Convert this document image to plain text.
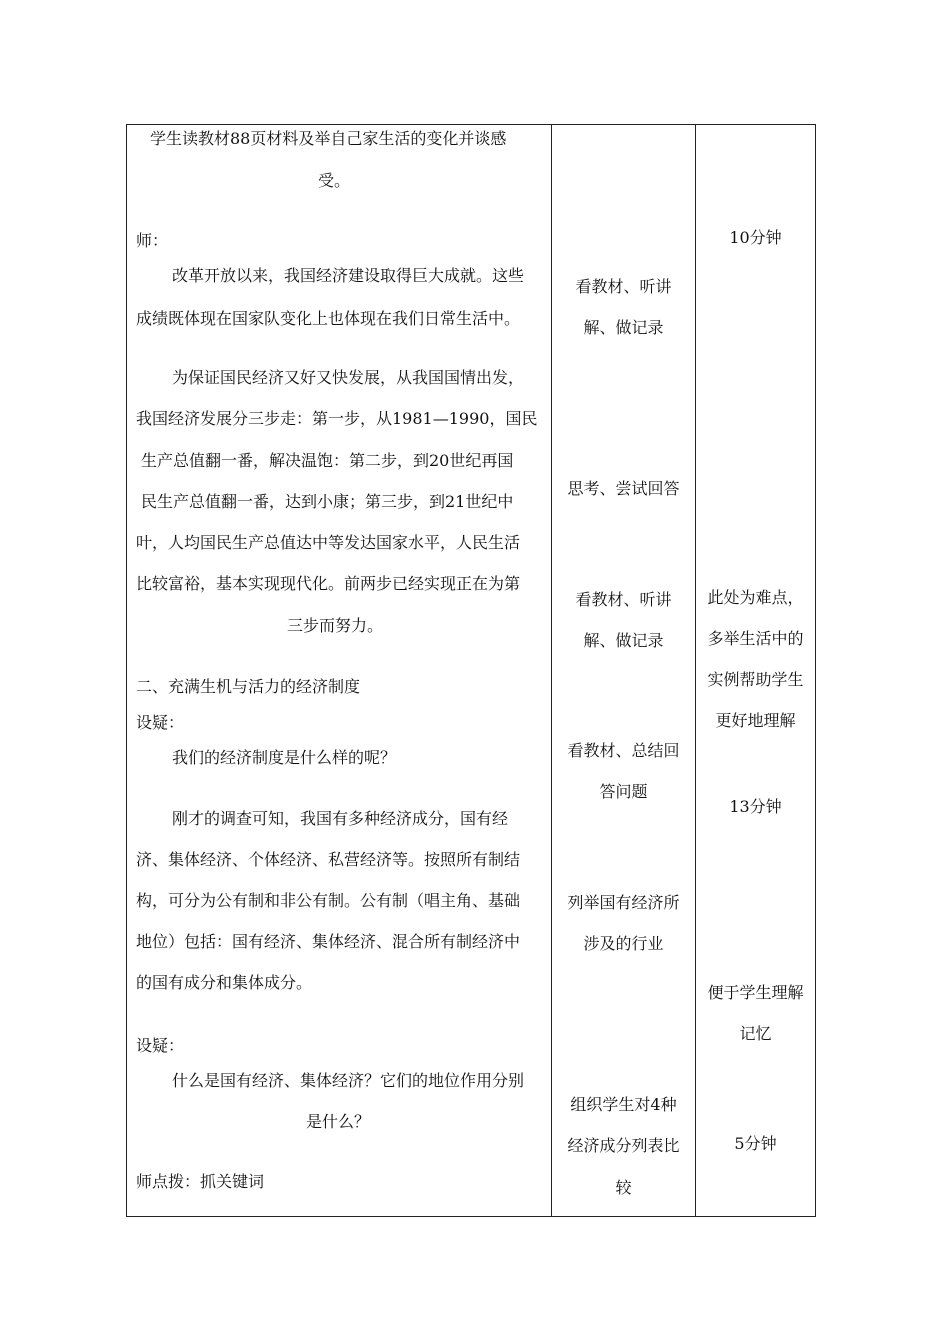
学生读教材88页材料及举自己家生活的变化并谈感
受。
师：
改革开放以来，我国经济建设取得巨大成就。这些
成绩既体现在国家队变化上也体现在我们日常生活中。
为保证国民经济又好又快发展，从我国国情出发，
我国经济发展分三步走：第一步，从1981—1990，国民
生产总值翻一番，解决温饱：第二步，到20世纪再国
民生产总值翻一番，达到小康；第三步，到21世纪中
叶，人均国民生产总值达中等发达国家水平，人民生活
比较富裕，基本实现现代化。前两步已经实现正在为第
三步而努力。
二、充满生机与活力的经济制度
设疑：
我们的经济制度是什么样的呢？
刚才的调查可知，我国有多种经济成分，国有经
济、集体经济、个体经济、私营经济等。按照所有制结
构，可分为公有制和非公有制。公有制（唱主角、基础
地位）包括：国有经济、集体经济、混合所有制经济中
的国有成分和集体成分。
设疑：
什么是国有经济、集体经济？它们的地位作用分别
是什么？
师点拨：抓关键词
看教材、听讲
解、做记录
思考、尝试回答
看教材、听讲
解、做记录
看教材、总结回
答问题
列举国有经济所
涉及的行业
组织学生对4种
经济成分列表比
较
10分钟
此处为难点，
多举生活中的
实例帮助学生
更好地理解
13分钟
便于学生理解
记忆
5分钟
